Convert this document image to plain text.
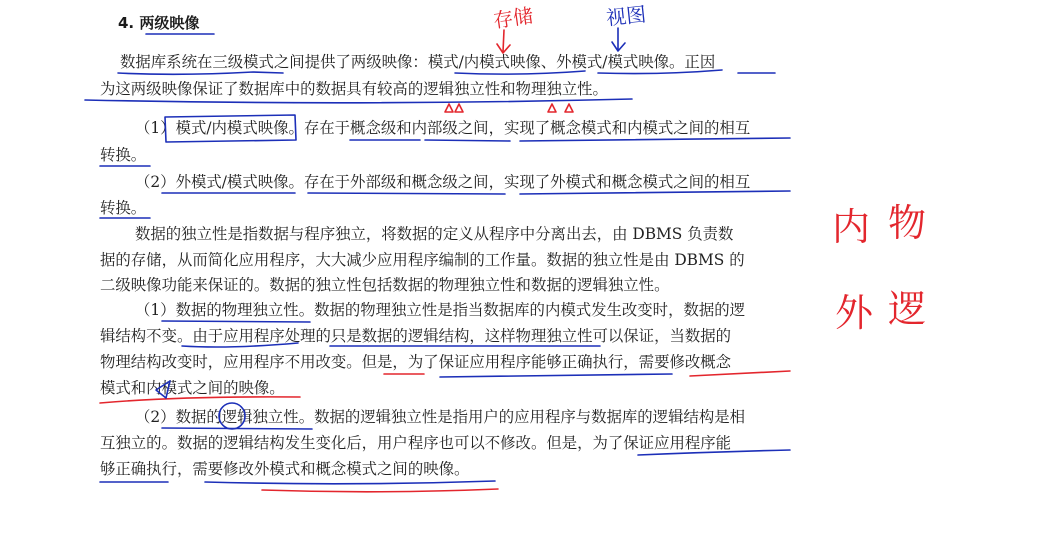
4. 两级映像
数据库系统在三级模式之间提供了两级映像：模式/内模式映像、外模式/模式映像。正因
为这两级映像保证了数据库中的数据具有较高的逻辑独立性和物理独立性。
（1）模式/内模式映像。存在于概念级和内部级之间，实现了概念模式和内模式之间的相互
转换。
（2）外模式/模式映像。存在于外部级和概念级之间，实现了外模式和概念模式之间的相互
转换。
数据的独立性是指数据与程序独立，将数据的定义从程序中分离出去，由 DBMS 负责数
据的存储，从而简化应用程序，大大减少应用程序编制的工作量。数据的独立性是由 DBMS 的
二级映像功能来保证的。数据的独立性包括数据的物理独立性和数据的逻辑独立性。
（1）数据的物理独立性。数据的物理独立性是指当数据库的内模式发生改变时，数据的逻
辑结构不变。由于应用程序处理的只是数据的逻辑结构，这样物理独立性可以保证，当数据的
物理结构改变时，应用程序不用改变。但是，为了保证应用程序能够正确执行，需要修改概念
模式和内模式之间的映像。
（2）数据的逻辑独立性。数据的逻辑独立性是指用户的应用程序与数据库的逻辑结构是相
互独立的。数据的逻辑结构发生变化后，用户程序也可以不修改。但是，为了保证应用程序能
够正确执行，需要修改外模式和概念模式之间的映像。
存储	视图
内 物
外 逻
